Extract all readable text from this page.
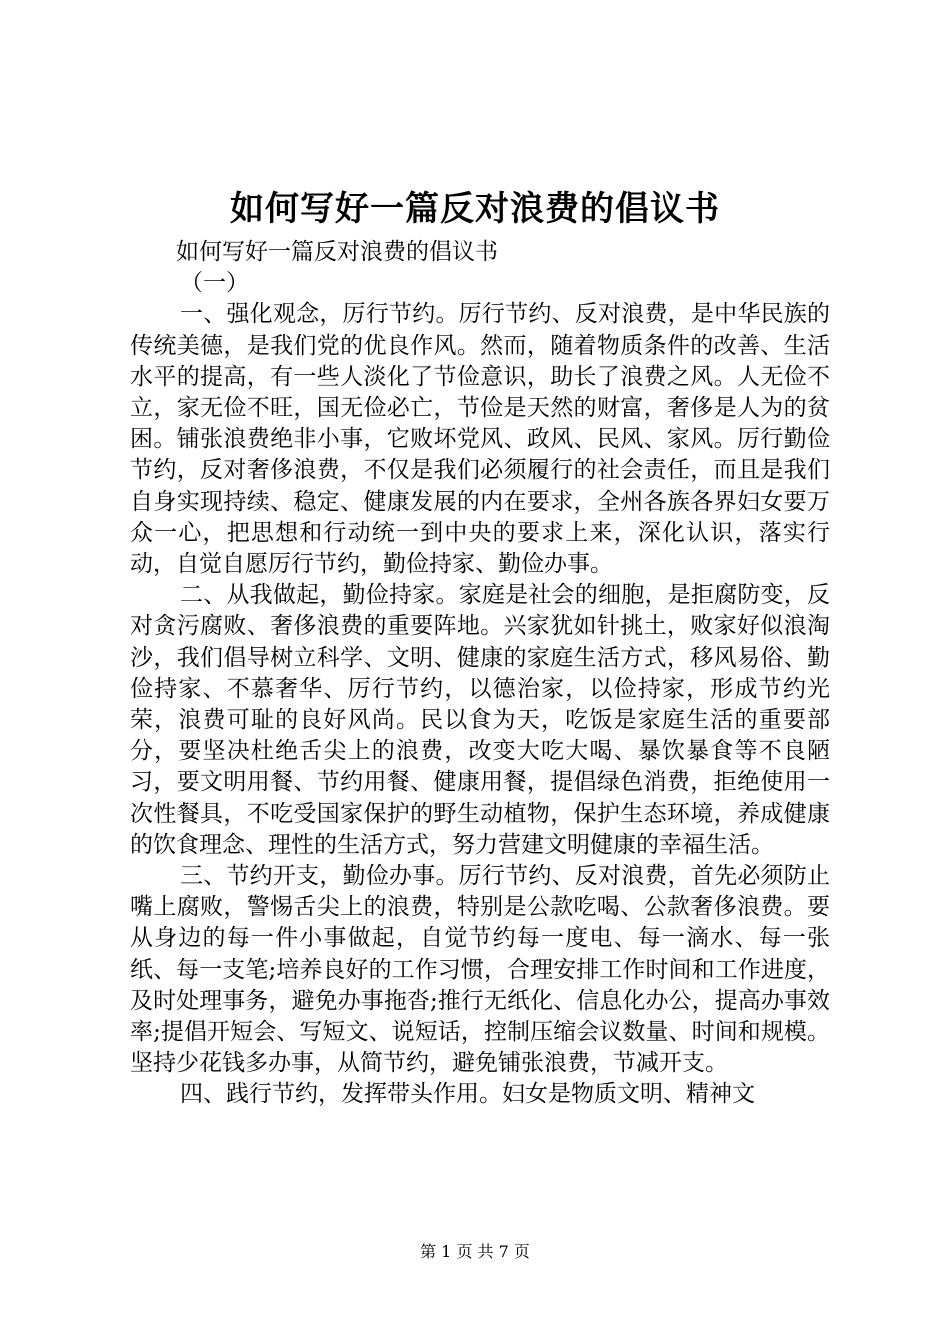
如何写好一篇反对浪费的倡议书

如何写好一篇反对浪费的倡议书

（一）

一、强化观念，厉行节约。厉行节约、反对浪费，是中华民族的传统美德，是我们党的优良作风。然而，随着物质条件的改善、生活水平的提高，有一些人淡化了节俭意识，助长了浪费之风。人无俭不立，家无俭不旺，国无俭必亡，节俭是天然的财富，奢侈是人为的贫困。铺张浪费绝非小事，它败坏党风、政风、民风、家风。厉行勤俭节约，反对奢侈浪费，不仅是我们必须履行的社会责任，而且是我们自身实现持续、稳定、健康发展的内在要求，全州各族各界妇女要万众一心，把思想和行动统一到中央的要求上来，深化认识，落实行动，自觉自愿厉行节约，勤俭持家、勤俭办事。

二、从我做起，勤俭持家。家庭是社会的细胞，是拒腐防变，反对贪污腐败、奢侈浪费的重要阵地。兴家犹如针挑土，败家好似浪淘沙，我们倡导树立科学、文明、健康的家庭生活方式，移风易俗、勤俭持家、不慕奢华、厉行节约，以德治家，以俭持家，形成节约光荣，浪费可耻的良好风尚。民以食为天，吃饭是家庭生活的重要部分，要坚决杜绝舌尖上的浪费，改变大吃大喝、暴饮暴食等不良陋习，要文明用餐、节约用餐、健康用餐，提倡绿色消费，拒绝使用一次性餐具，不吃受国家保护的野生动植物，保护生态环境，养成健康的饮食理念、理性的生活方式，努力营建文明健康的幸福生活。

三、节约开支，勤俭办事。厉行节约、反对浪费，首先必须防止嘴上腐败，警惕舌尖上的浪费，特别是公款吃喝、公款奢侈浪费。要从身边的每一件小事做起，自觉节约每一度电、每一滴水、每一张纸、每一支笔;培养良好的工作习惯，合理安排工作时间和工作进度，及时处理事务，避免办事拖沓;推行无纸化、信息化办公，提高办事效率;提倡开短会、写短文、说短话，控制压缩会议数量、时间和规模。坚持少花钱多办事，从简节约，避免铺张浪费，节减开支。

四、践行节约，发挥带头作用。妇女是物质文明、精神文

第 1 页 共 7 页
